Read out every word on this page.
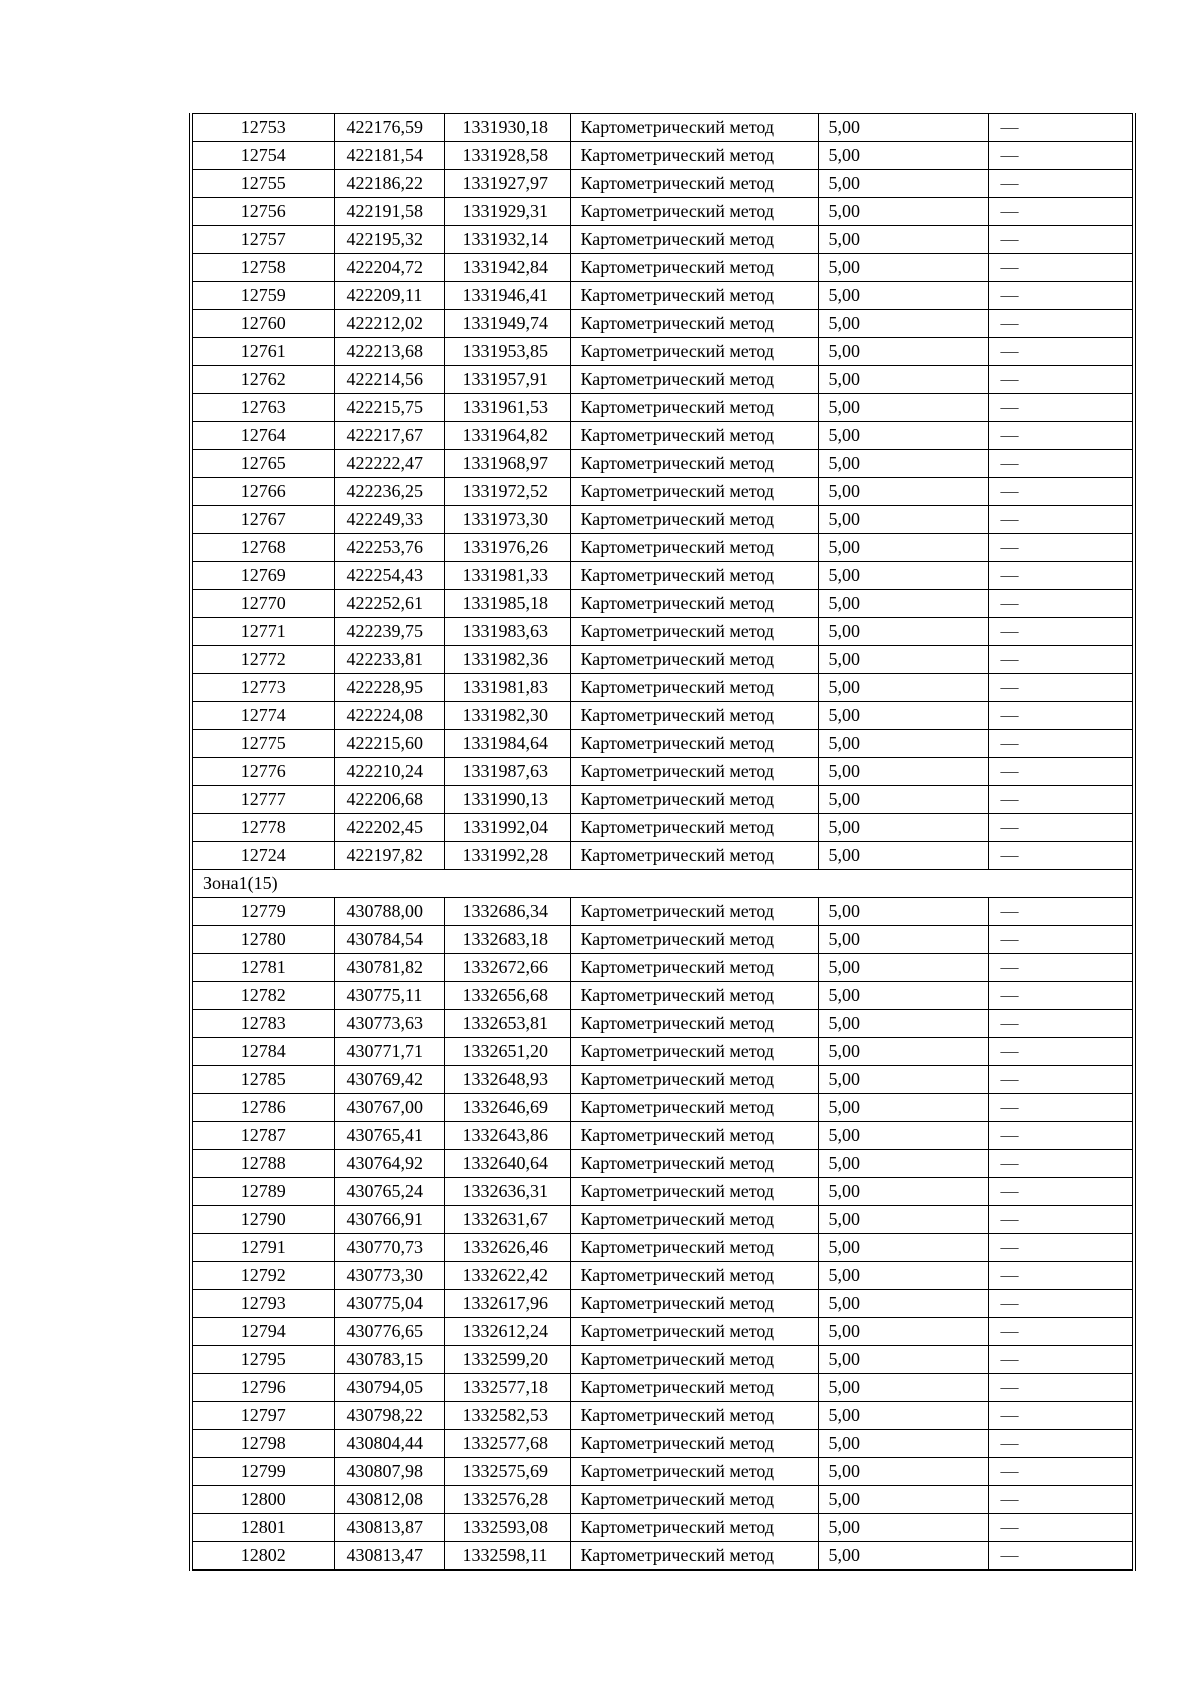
12753	422176,59	1331930,18	Картометрический метод	5,00	—
12754	422181,54	1331928,58	Картометрический метод	5,00	—
12755	422186,22	1331927,97	Картометрический метод	5,00	—
12756	422191,58	1331929,31	Картометрический метод	5,00	—
12757	422195,32	1331932,14	Картометрический метод	5,00	—
12758	422204,72	1331942,84	Картометрический метод	5,00	—
12759	422209,11	1331946,41	Картометрический метод	5,00	—
12760	422212,02	1331949,74	Картометрический метод	5,00	—
12761	422213,68	1331953,85	Картометрический метод	5,00	—
12762	422214,56	1331957,91	Картометрический метод	5,00	—
12763	422215,75	1331961,53	Картометрический метод	5,00	—
12764	422217,67	1331964,82	Картометрический метод	5,00	—
12765	422222,47	1331968,97	Картометрический метод	5,00	—
12766	422236,25	1331972,52	Картометрический метод	5,00	—
12767	422249,33	1331973,30	Картометрический метод	5,00	—
12768	422253,76	1331976,26	Картометрический метод	5,00	—
12769	422254,43	1331981,33	Картометрический метод	5,00	—
12770	422252,61	1331985,18	Картометрический метод	5,00	—
12771	422239,75	1331983,63	Картометрический метод	5,00	—
12772	422233,81	1331982,36	Картометрический метод	5,00	—
12773	422228,95	1331981,83	Картометрический метод	5,00	—
12774	422224,08	1331982,30	Картометрический метод	5,00	—
12775	422215,60	1331984,64	Картометрический метод	5,00	—
12776	422210,24	1331987,63	Картометрический метод	5,00	—
12777	422206,68	1331990,13	Картометрический метод	5,00	—
12778	422202,45	1331992,04	Картометрический метод	5,00	—
12724	422197,82	1331992,28	Картометрический метод	5,00	—
Зона1(15)					
12779	430788,00	1332686,34	Картометрический метод	5,00	—
12780	430784,54	1332683,18	Картометрический метод	5,00	—
12781	430781,82	1332672,66	Картометрический метод	5,00	—
12782	430775,11	1332656,68	Картометрический метод	5,00	—
12783	430773,63	1332653,81	Картометрический метод	5,00	—
12784	430771,71	1332651,20	Картометрический метод	5,00	—
12785	430769,42	1332648,93	Картометрический метод	5,00	—
12786	430767,00	1332646,69	Картометрический метод	5,00	—
12787	430765,41	1332643,86	Картометрический метод	5,00	—
12788	430764,92	1332640,64	Картометрический метод	5,00	—
12789	430765,24	1332636,31	Картометрический метод	5,00	—
12790	430766,91	1332631,67	Картометрический метод	5,00	—
12791	430770,73	1332626,46	Картометрический метод	5,00	—
12792	430773,30	1332622,42	Картометрический метод	5,00	—
12793	430775,04	1332617,96	Картометрический метод	5,00	—
12794	430776,65	1332612,24	Картометрический метод	5,00	—
12795	430783,15	1332599,20	Картометрический метод	5,00	—
12796	430794,05	1332577,18	Картометрический метод	5,00	—
12797	430798,22	1332582,53	Картометрический метод	5,00	—
12798	430804,44	1332577,68	Картометрический метод	5,00	—
12799	430807,98	1332575,69	Картометрический метод	5,00	—
12800	430812,08	1332576,28	Картометрический метод	5,00	—
12801	430813,87	1332593,08	Картометрический метод	5,00	—
12802	430813,47	1332598,11	Картометрический метод	5,00	—
